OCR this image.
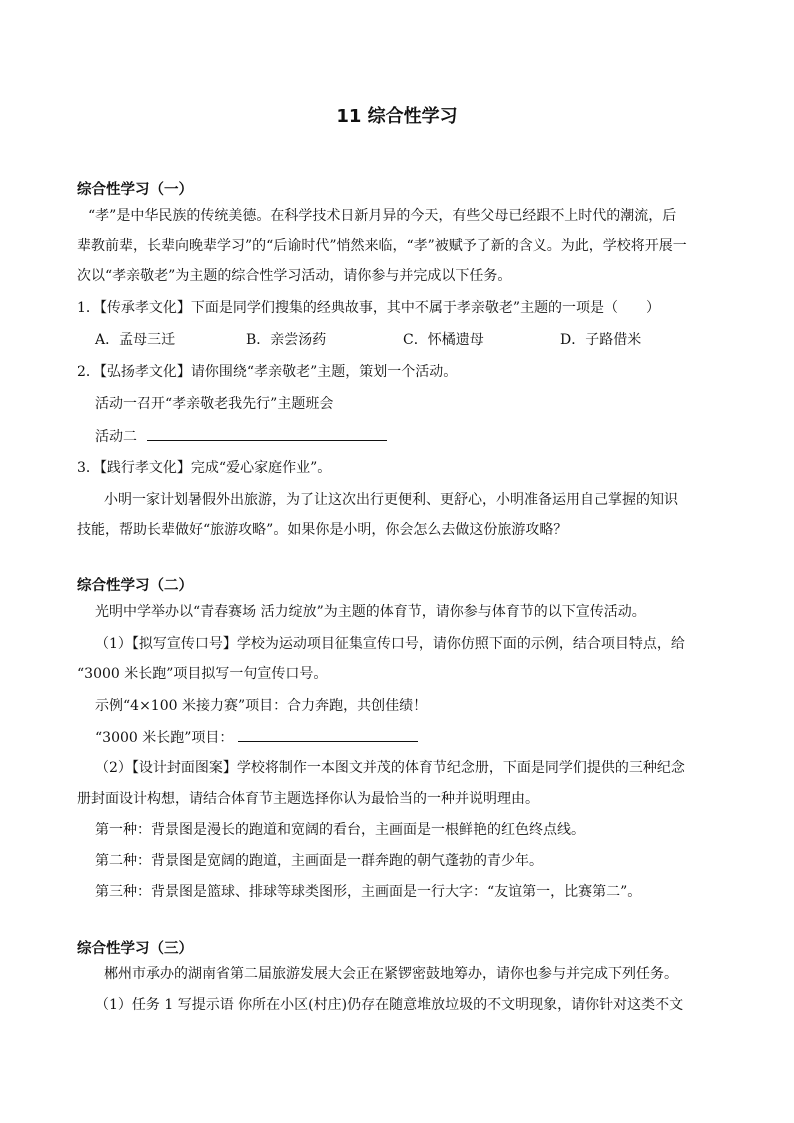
11 综合性学习
综合性学习（一）
“孝”是中华民族的传统美德。在科学技术日新月异的今天，有些父母已经跟不上时代的潮流，后
辈教前辈，长辈向晚辈学习”的“后谕时代”悄然来临，“孝”被赋予了新的含义。为此，学校将开展一
次以“孝亲敬老”为主题的综合性学习活动，请你参与并完成以下任务。
1．【传承孝文化】下面是同学们搜集的经典故事，其中不属于孝亲敬老”主题的一项是（　　）
A．孟母三迁	B．亲尝汤药	C．怀橘遗母	D．子路借米
2．【弘扬孝文化】请你围绕“孝亲敬老”主题，策划一个活动。
活动一召开“孝亲敬老我先行”主题班会
活动二
3．【践行孝文化】完成“爱心家庭作业”。
小明一家计划暑假外出旅游，为了让这次出行更便利、更舒心，小明准备运用自己掌握的知识
技能，帮助长辈做好“旅游攻略”。如果你是小明，你会怎么去做这份旅游攻略？
综合性学习（二）
光明中学举办以“青春赛场 活力绽放”为主题的体育节，请你参与体育节的以下宣传活动。
（1）【拟写宣传口号】学校为运动项目征集宣传口号，请你仿照下面的示例，结合项目特点，给
“3000 米长跑”项目拟写一句宣传口号。
示例“4×100 米接力赛”项目：合力奔跑，共创佳绩！
“3000 米长跑”项目：
（2）【设计封面图案】学校将制作一本图文并茂的体育节纪念册，下面是同学们提供的三种纪念
册封面设计构想，请结合体育节主题选择你认为最恰当的一种并说明理由。
第一种：背景图是漫长的跑道和宽阔的看台，主画面是一根鲜艳的红色终点线。
第二种：背景图是宽阔的跑道，主画面是一群奔跑的朝气蓬勃的青少年。
第三种：背景图是篮球、排球等球类图形，主画面是一行大字：“友谊第一，比赛第二”。
综合性学习（三）
郴州市承办的湖南省第二届旅游发展大会正在紧锣密鼓地筹办，请你也参与并完成下列任务。
（1）任务 1 写提示语 你所在小区(村庄)仍存在随意堆放垃圾的不文明现象，请你针对这类不文
